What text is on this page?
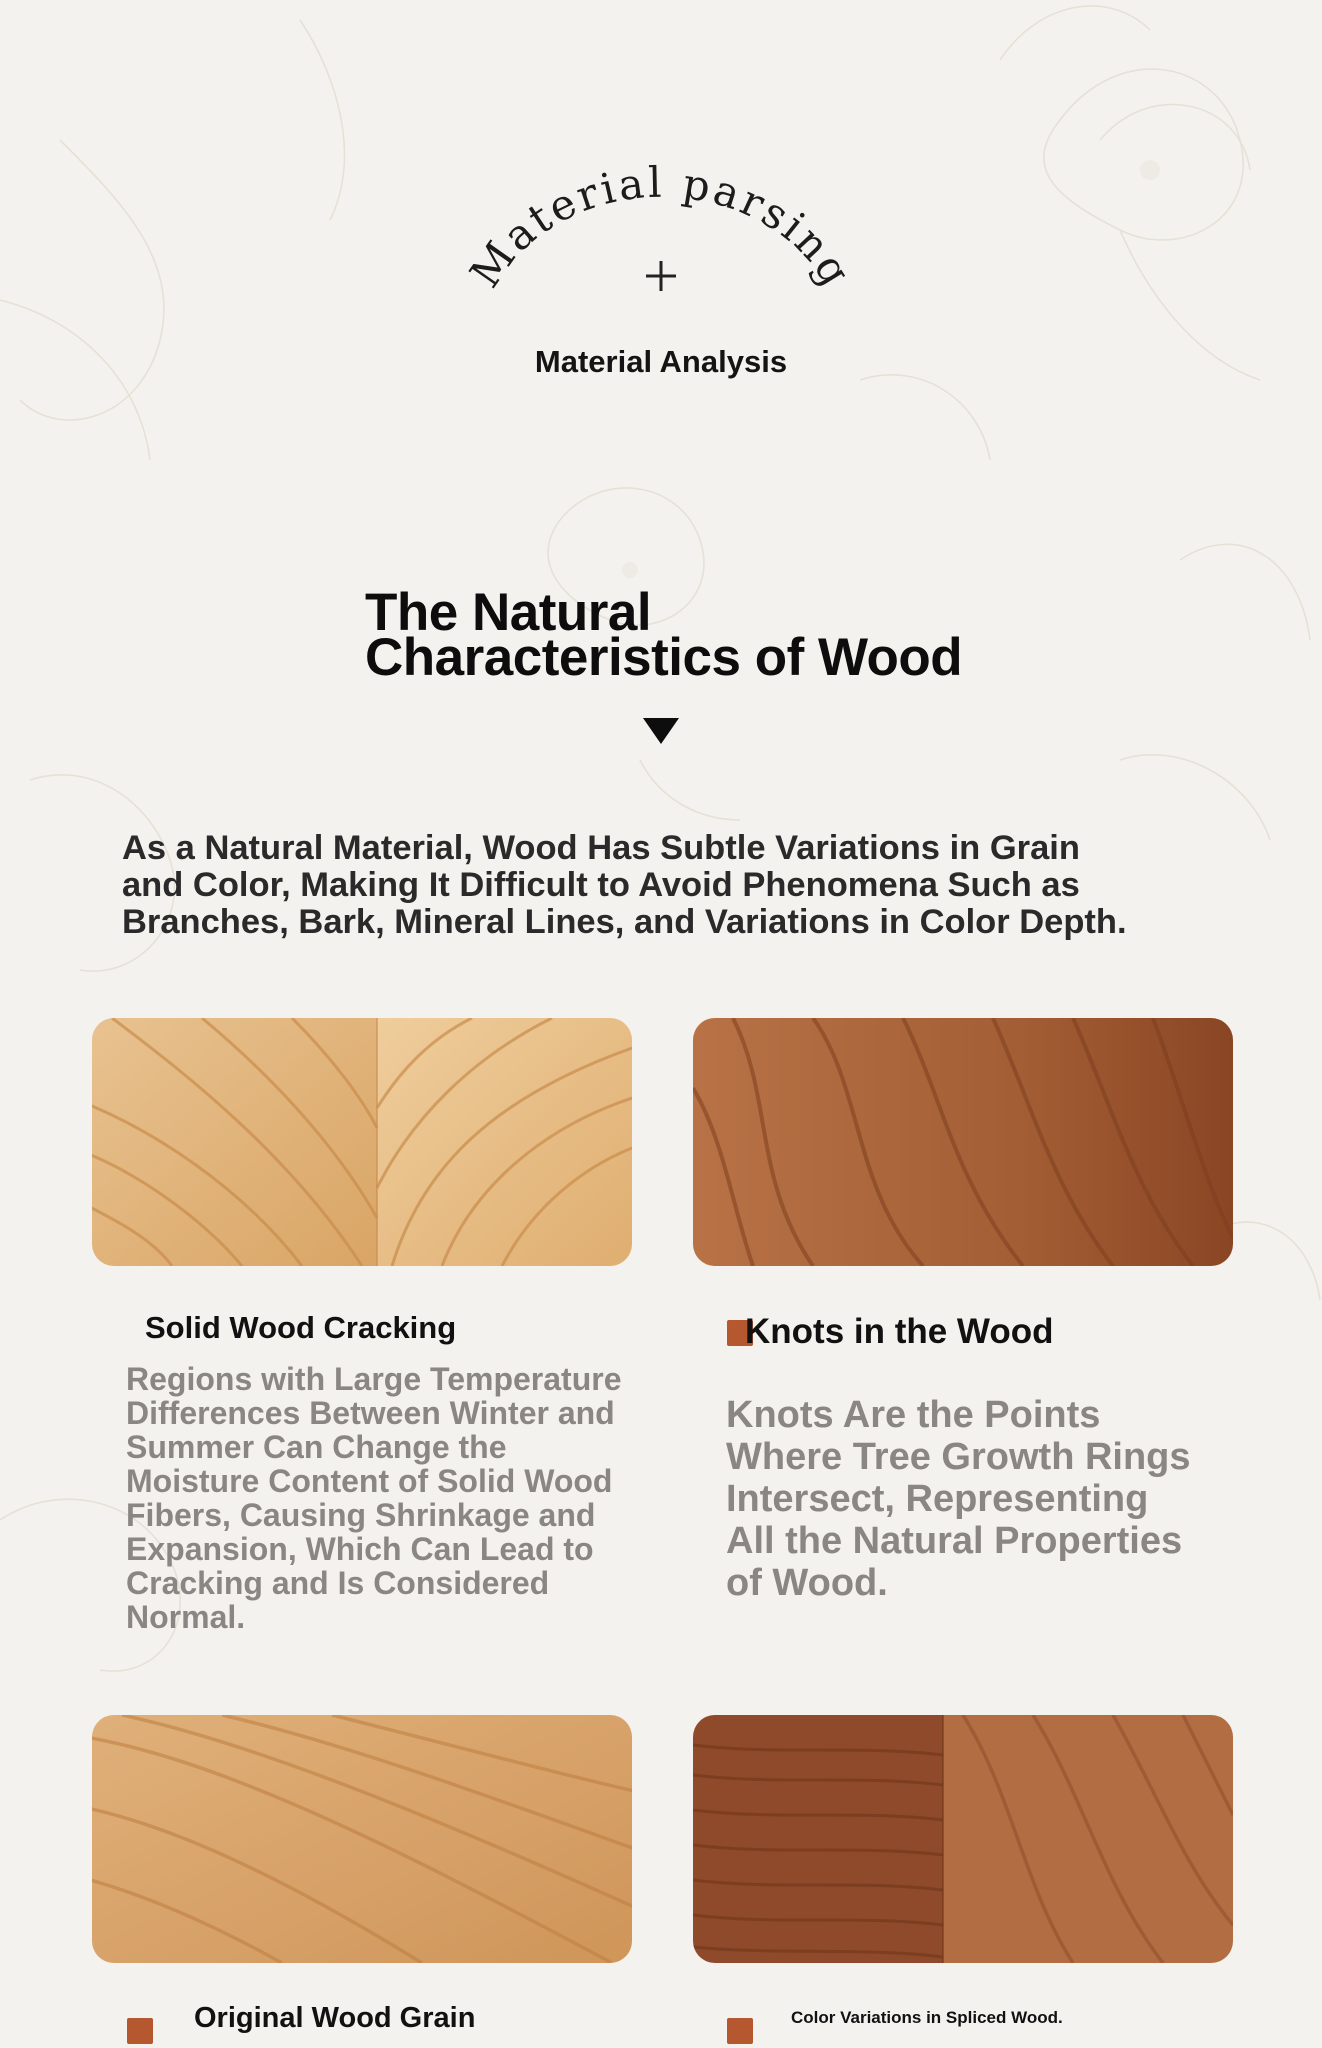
Material parsing
Material Analysis
The Natural
Characteristics of Wood
As a Natural Material, Wood Has Subtle Variations in Grain
and Color, Making It Difficult to Avoid Phenomena Such as
Branches, Bark, Mineral Lines, and Variations in Color Depth.
Solid Wood Cracking
Regions with Large Temperature
Differences Between Winter and
Summer Can Change the
Moisture Content of Solid Wood
Fibers, Causing Shrinkage and
Expansion, Which Can Lead to
Cracking and Is Considered
Normal.
Knots in the Wood
Knots Are the Points
Where Tree Growth Rings
Intersect, Representing
All the Natural Properties
of Wood.
Original Wood Grain	Color Variations in Spliced Wood.
